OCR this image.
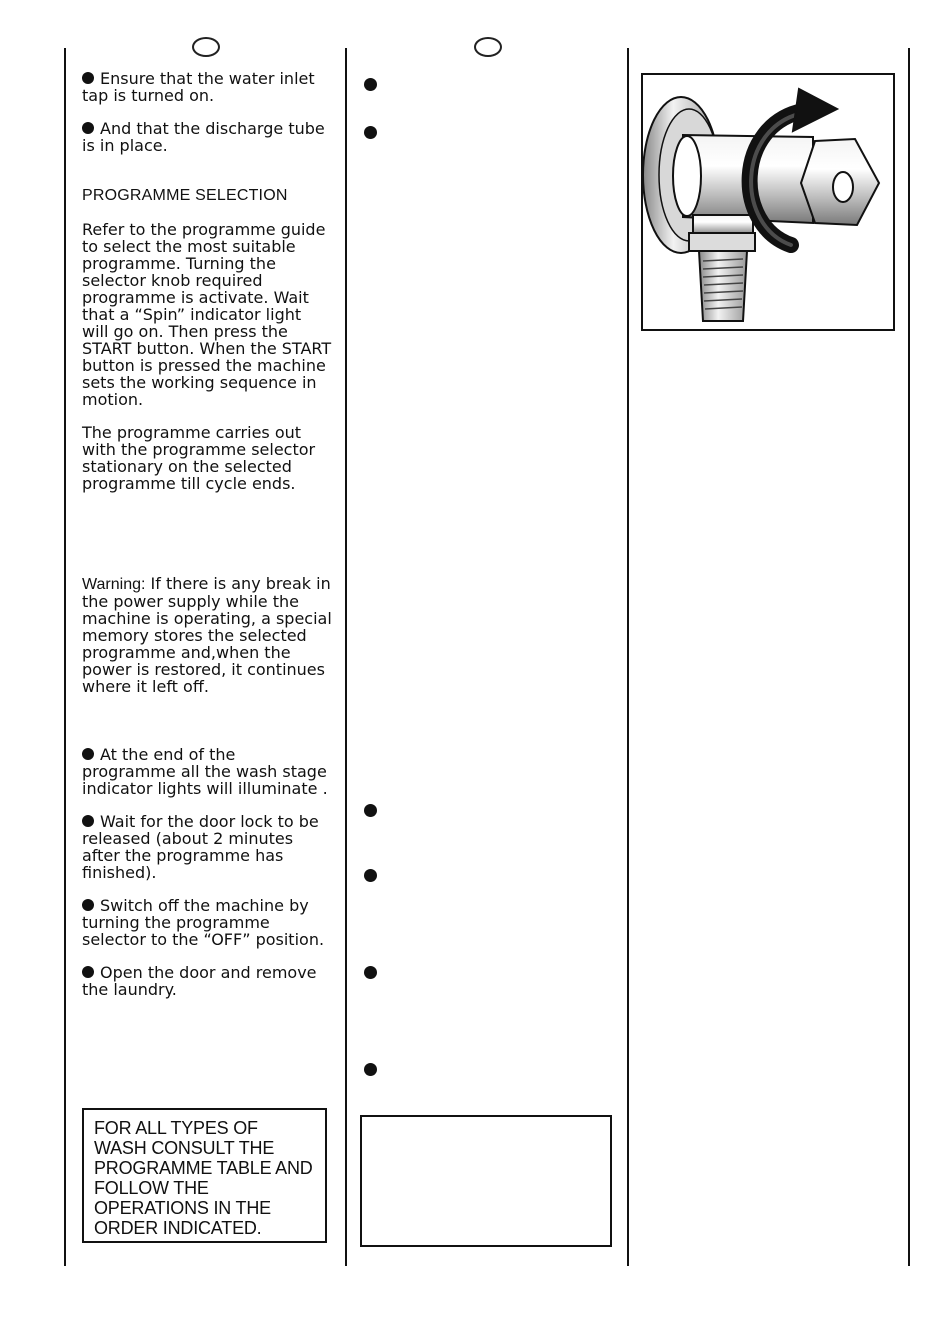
Ensure that the water inlet tap is turned on.

And that the discharge tube is in place.

PROGRAMME SELECTION

Refer to the programme guide to select the most suitable programme. Turning the selector knob required programme is activate. Wait that a “Spin” indicator light will go on. Then press the START button. When the START button is pressed the machine sets the working sequence in motion.

The programme carries out with the programme selector stationary on the selected programme till cycle ends.

Warning: If there is any break in the power supply while the machine is operating, a special memory stores the selected programme and,when the power is restored, it continues where it left off.

At the end of the programme all the wash stage indicator lights will illuminate .

Wait for the door lock to be released (about 2 minutes after the programme has finished).

Switch off the machine by turning the programme selector to the “OFF” position.

Open the door and remove the laundry.

FOR ALL TYPES OF WASH CONSULT THE PROGRAMME TABLE AND FOLLOW THE OPERATIONS IN THE ORDER INDICATED.
